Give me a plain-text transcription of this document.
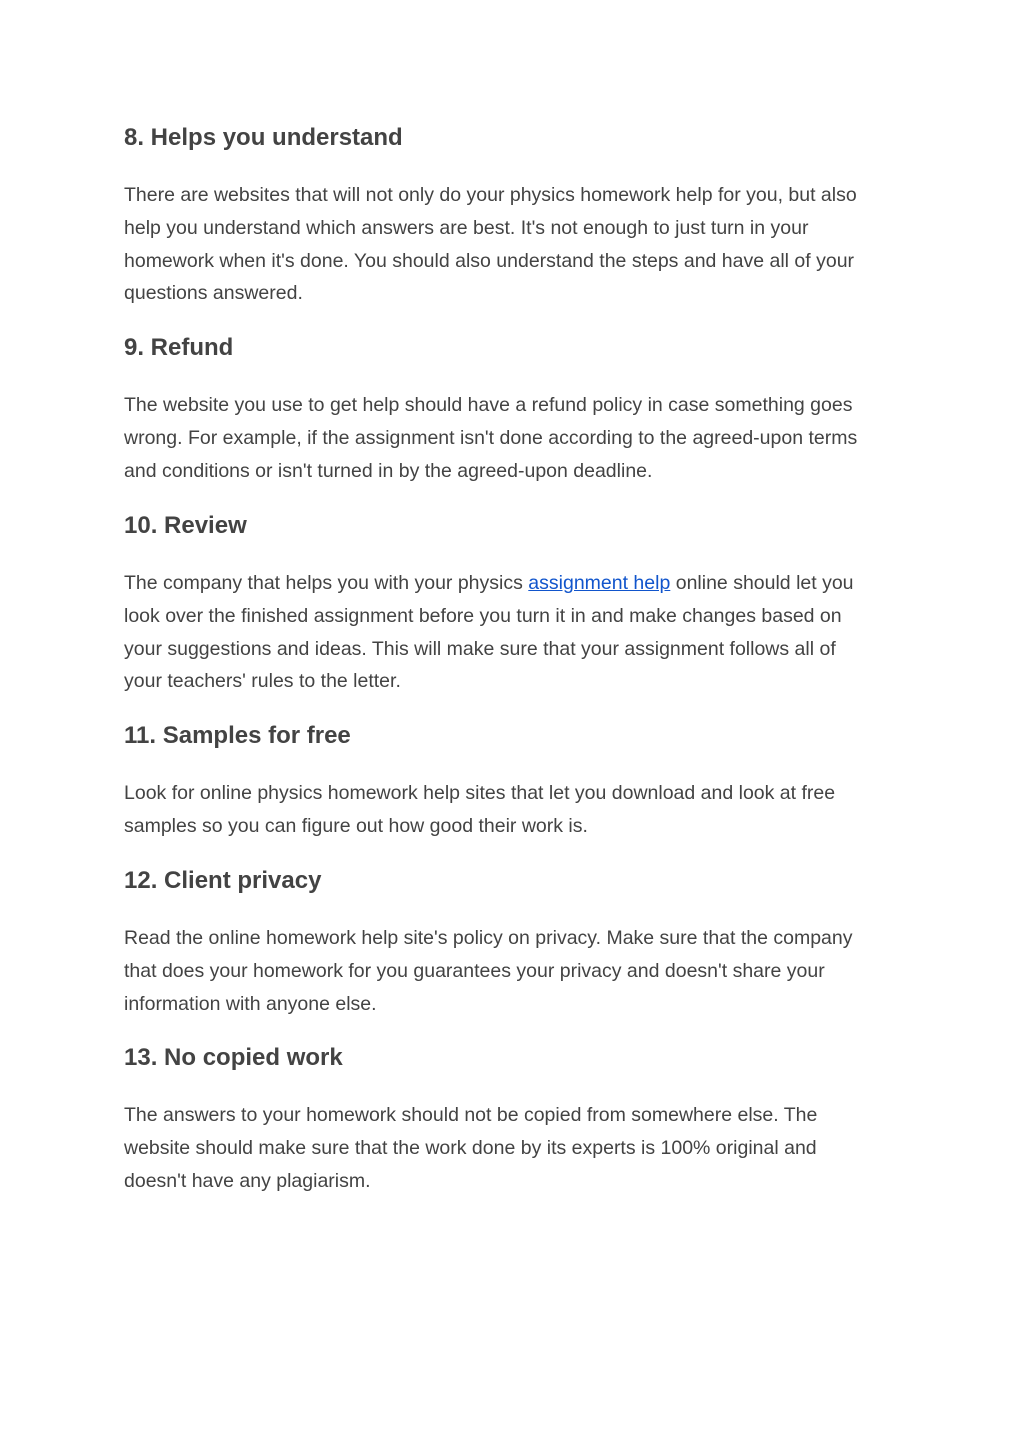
8. Helps you understand

There are websites that will not only do your physics homework help for you, but also
help you understand which answers are best. It's not enough to just turn in your
homework when it's done. You should also understand the steps and have all of your
questions answered.

9. Refund

The website you use to get help should have a refund policy in case something goes
wrong. For example, if the assignment isn't done according to the agreed-upon terms
and conditions or isn't turned in by the agreed-upon deadline.

10. Review

The company that helps you with your physics assignment help online should let you
look over the finished assignment before you turn it in and make changes based on
your suggestions and ideas. This will make sure that your assignment follows all of
your teachers' rules to the letter.

11. Samples for free

Look for online physics homework help sites that let you download and look at free
samples so you can figure out how good their work is.

12. Client privacy

Read the online homework help site's policy on privacy. Make sure that the company
that does your homework for you guarantees your privacy and doesn't share your
information with anyone else.

13. No copied work

The answers to your homework should not be copied from somewhere else. The
website should make sure that the work done by its experts is 100% original and
doesn't have any plagiarism.
